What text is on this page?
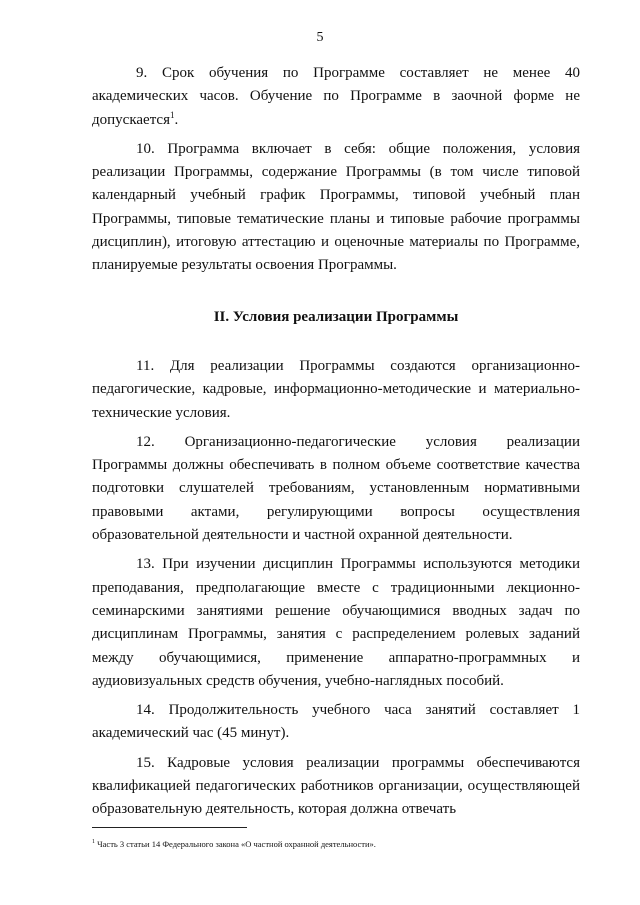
5

9. Срок обучения по Программе составляет не менее 40 академических часов. Обучение по Программе в заочной форме не допускается$^1$.

10. Программа включает в себя: общие положения, условия реализации Программы, содержание Программы (в том числе типовой календарный учебный график Программы, типовой учебный план Программы, типовые тематические планы и типовые рабочие программы дисциплин), итоговую аттестацию и оценочные материалы по Программе, планируемые результаты освоения Программы.

II. Условия реализации Программы

11. Для реализации Программы создаются организационно-педагогические, кадровые, информационно-методические и материально-технические условия.

12. Организационно-педагогические условия реализации Программы должны обеспечивать в полном объеме соответствие качества подготовки слушателей требованиям, установленным нормативными правовыми актами, регулирующими вопросы осуществления образовательной деятельности и частной охранной деятельности.

13. При изучении дисциплин Программы используются методики преподавания, предполагающие вместе с традиционными лекционно-семинарскими занятиями решение обучающимися вводных задач по дисциплинам Программы, занятия с распределением ролевых заданий между обучающимися, применение аппаратно-программных и аудиовизуальных средств обучения, учебно-наглядных пособий.

14. Продолжительность учебного часа занятий составляет 1 академический час (45 минут).

15. Кадровые условия реализации программы обеспечиваются квалификацией педагогических работников организации, осуществляющей образовательную деятельность, которая должна отвечать

$^1$ Часть 3 статьи 14 Федерального закона «О частной охранной деятельности».
